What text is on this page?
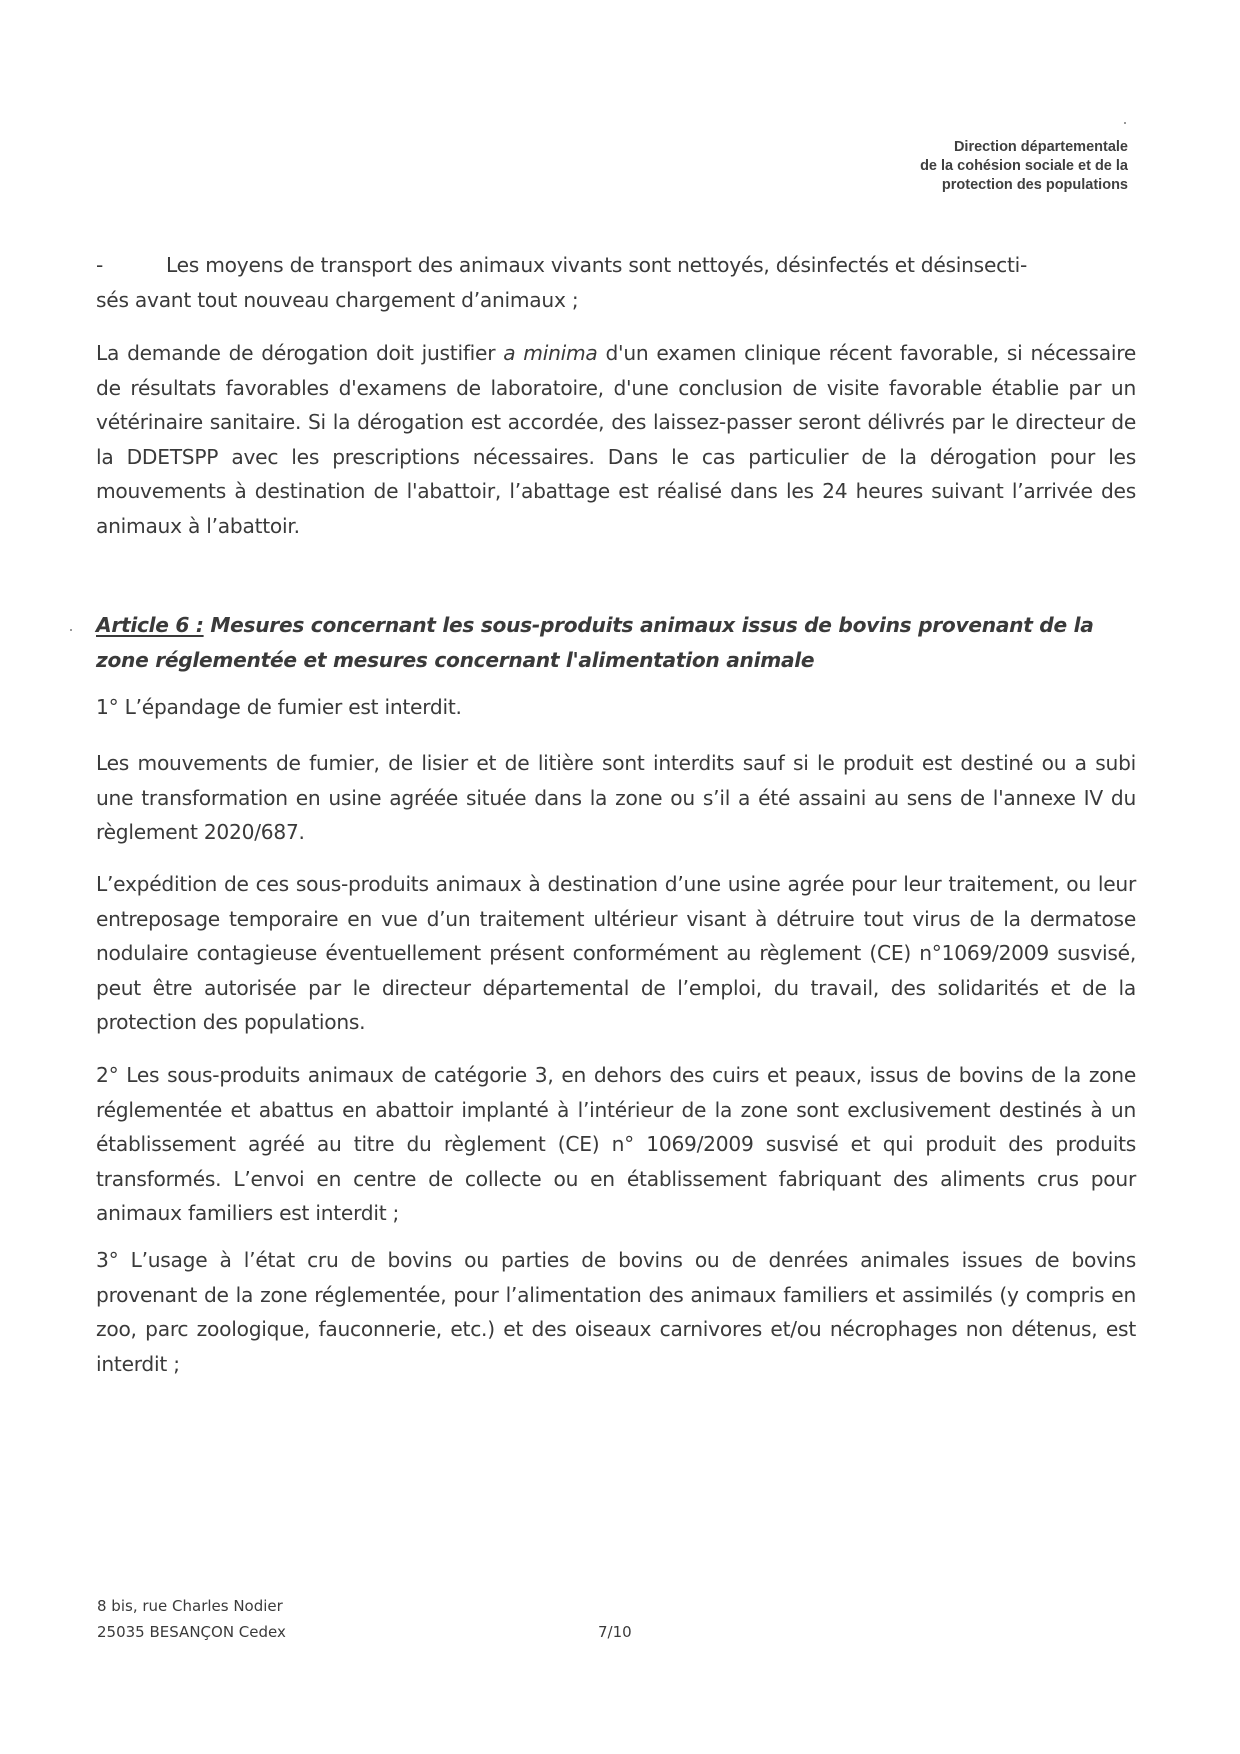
Direction départementale
de la cohésion sociale et de la
protection des populations

-	Les moyens de transport des animaux vivants sont nettoyés, désinfectés et désinsecti-
sés avant tout nouveau chargement d’animaux ;

La demande de dérogation doit justifier a minima d'un examen clinique récent favorable, si nécessaire de résultats favorables d'examens de laboratoire, d'une conclusion de visite favorable établie par un vétérinaire sanitaire. Si la dérogation est accordée, des laissez-passer seront délivrés par le directeur de la DDETSPP avec les prescriptions nécessaires. Dans le cas particulier de la dérogation pour les mouvements à destination de l'abattoir, l’abattage est réalisé dans les 24 heures suivant l’arrivée des animaux à l’abattoir.

Article 6 : Mesures concernant les sous-produits animaux issus de bovins provenant de la zone réglementée et mesures concernant l'alimentation animale

1° L’épandage de fumier est interdit.

Les mouvements de fumier, de lisier et de litière sont interdits sauf si le produit est destiné ou a subi une transformation en usine agréée située dans la zone ou s’il a été assaini au sens de l'annexe IV du règlement 2020/687.

L’expédition de ces sous-produits animaux à destination d’une usine agrée pour leur traitement, ou leur entreposage temporaire en vue d’un traitement ultérieur visant à détruire tout virus de la dermatose nodulaire contagieuse éventuellement présent conformément au règlement (CE) n°1069/2009 susvisé, peut être autorisée par le directeur départemental de l’emploi, du travail, des solidarités et de la protection des populations.

2° Les sous-produits animaux de catégorie 3, en dehors des cuirs et peaux, issus de bovins de la zone réglementée et abattus en abattoir implanté à l’intérieur de la zone sont exclusivement destinés à un établissement agréé au titre du règlement (CE) n° 1069/2009 susvisé et qui produit des produits transformés. L’envoi en centre de collecte ou en établissement fabriquant des aliments crus pour animaux familiers est interdit ;

3° L’usage à l’état cru de bovins ou parties de bovins ou de denrées animales issues de bovins provenant de la zone réglementée, pour l’alimentation des animaux familiers et assimilés (y compris en zoo, parc zoologique, fauconnerie, etc.) et des oiseaux carnivores et/ou nécrophages non détenus, est interdit ;

8 bis, rue Charles Nodier
25035 BESANÇON Cedex	7/10
